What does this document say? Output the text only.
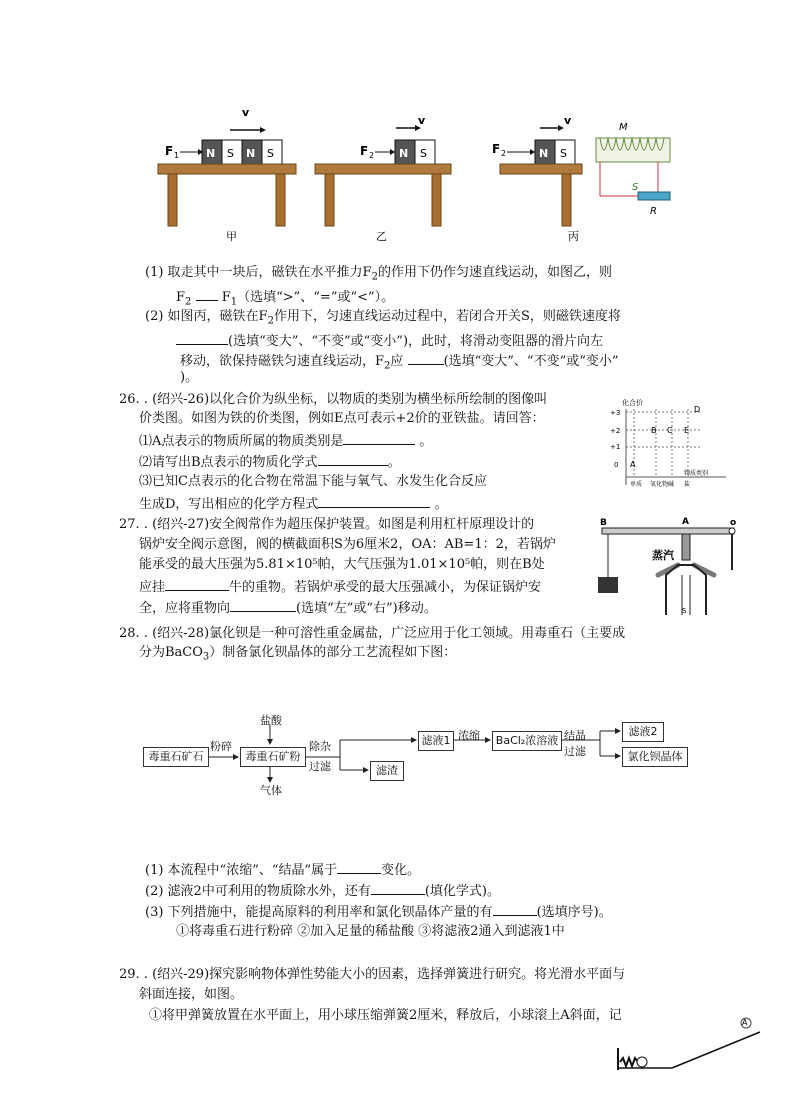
v
F 1 N S N S
甲
v
F 2 N S
乙
v
F 2	N S
M
S
R
丙
(1) 取走其中一块后，磁铁在水平推力$F_2$的作用下仍作匀速直线运动，如图乙，则
$F_2$ $F_1$（选填“>”、“=”或“<”）。
(2) 如图丙，磁铁在$F_2$作用下，匀速直线运动过程中，若闭合开关S，则磁铁速度将
(选填“变大”、“不变”或“变小”)，此时，将滑动变阻器的滑片向左
移动，欲保持磁铁匀速直线运动，$F_2$应	(选填“变大”、“不变”或“变小”
)。
26. . (绍兴-26)以化合价为纵坐标，以物质的类别为横坐标所绘制的图像叫
价类图。如图为铁的价类图，例如E点可表示+2价的亚铁盐。请回答：
⑴A点表示的物质所属的物质类别是	。
⑵请写出B点表示的物质化学式	。
⑶已知C点表示的化合物在常温下能与氧气、水发生化合反应
生成D，写出相应的化学方程式	。
化合价
+3
+2
+1
0
D
B C E
A
物质类别
单质 氧化物 碱 盐
27. . (绍兴-27)安全阀常作为超压保护装置。如图是利用杠杆原理设计的
锅炉安全阀示意图，阀的横截面积S为6厘米2，OA：AB=1：2，若锅炉
能承受的最大压强为5.81×10⁵帕，大气压强为1.01×10⁵帕，则在B处
应挂	牛的重物。若锅炉承受的最大压强减小，为保证锅炉安
全，应将重物向	(选填“左”或“右”)移动。
B	A	o
蒸汽
S
28. . (绍兴-28)氯化钡是一种可溶性重金属盐，广泛应用于化工领域。用毒重石（主要成
分为BaCO$_3$）制备氯化钡晶体的部分工艺流程如下图：
毒重石矿石
粉碎
毒重石矿粉
盐酸
气体
除杂
过滤
滤液1
滤渣
浓缩	BaCl₂浓溶液 结晶
过滤
滤液2
氯化钡晶体
(1) 本流程中“浓缩”、“结晶”属于	变化。
(2) 滤液2中可利用的物质除水外，还有	(填化学式)。
(3) 下列措施中，能提高原料的利用率和氯化钡晶体产量的有	(选填序号)。
①将毒重石进行粉碎 ②加入足量的稀盐酸 ③将滤液2通入到滤液1中
29. . (绍兴-29)探究影响物体弹性势能大小的因素，选择弹簧进行研究。将光滑水平面与
斜面连接，如图。
①将甲弹簧放置在水平面上，用小球压缩弹簧2厘米，释放后，小球滚上A斜面，记	A
